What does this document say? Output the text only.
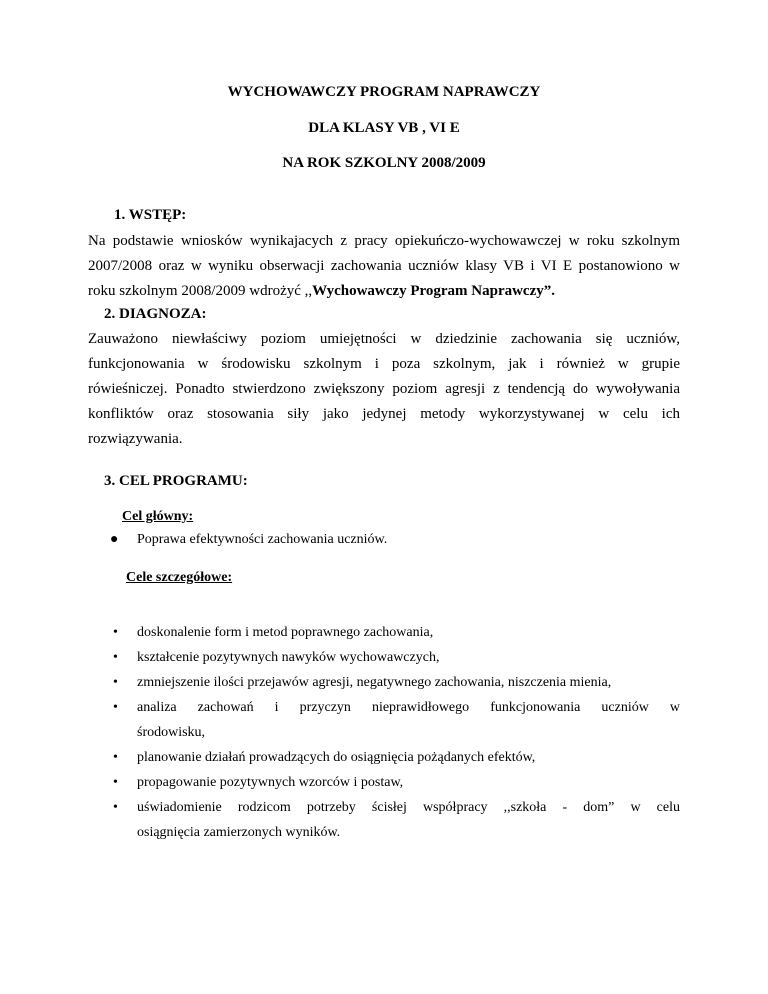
WYCHOWAWCZY PROGRAM NAPRAWCZY
DLA KLASY VB , VI E
NA ROK SZKOLNY 2008/2009
1. WSTĘP:
Na podstawie wniosków wynikajacych z pracy opiekuńczo-wychowawczej w roku szkolnym
2007/2008 oraz w wyniku obserwacji zachowania uczniów klasy VB i VI E postanowiono w
roku szkolnym 2008/2009 wdrożyć ,,Wychowawczy Program Naprawczy”.
2. DIAGNOZA:
Zauważono niewłaściwy poziom umiejętności w dziedzinie zachowania się uczniów,
funkcjonowania w środowisku szkolnym i poza szkolnym, jak i również w grupie
rówieśniczej. Ponadto stwierdzono zwiększony poziom agresji z tendencją do wywoływania
konfliktów oraz stosowania siły jako jedynej metody wykorzystywanej w celu ich
rozwiązywania.
3. CEL PROGRAMU:
Cel główny:
● Poprawa efektywności zachowania uczniów.
Cele szczegółowe:
• doskonalenie form i metod poprawnego zachowania,
• kształcenie pozytywnych nawyków wychowawczych,
• zmniejszenie ilości przejawów agresji, negatywnego zachowania, niszczenia mienia,
• analiza zachowań i przyczyn nieprawidłowego funkcjonowania uczniów w
środowisku,
• planowanie działań prowadzących do osiągnięcia pożądanych efektów,
• propagowanie pozytywnych wzorców i postaw,
• uświadomienie rodzicom potrzeby ścisłej współpracy ,,szkoła - dom” w celu
osiągnięcia zamierzonych wyników.
